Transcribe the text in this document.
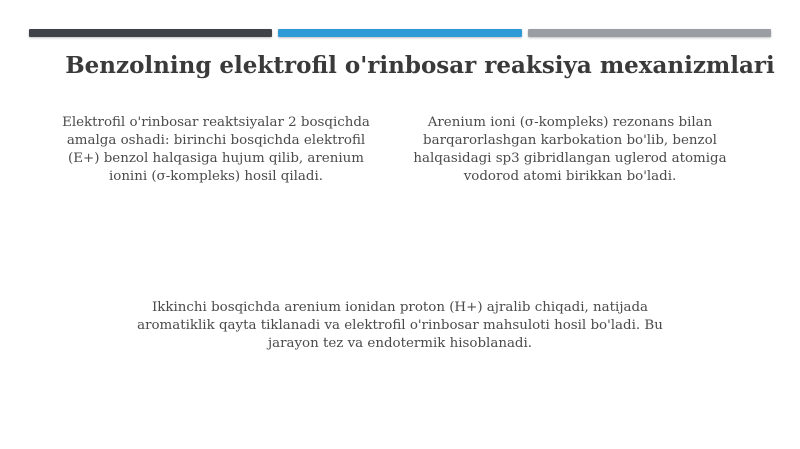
Benzolning elektrofil o'rinbosar reaksiya mexanizmlari
Elektrofil o'rinbosar reaktsiyalar 2 bosqichda amalga oshadi: birinchi bosqichda elektrofil (E+) benzol halqasiga hujum qilib, arenium ionini (σ-kompleks) hosil qiladi.
Arenium ioni (σ-kompleks) rezonans bilan barqarorlashgan karbokation bo'lib, benzol halqasidagi sp3 gibridlangan uglerod atomiga vodorod atomi birikkan bo'ladi.
Ikkinchi bosqichda arenium ionidan proton (H+) ajralib chiqadi, natijada aromatiklik qayta tiklanadi va elektrofil o'rinbosar mahsuloti hosil bo'ladi. Bu jarayon tez va endotermik hisoblanadi.
